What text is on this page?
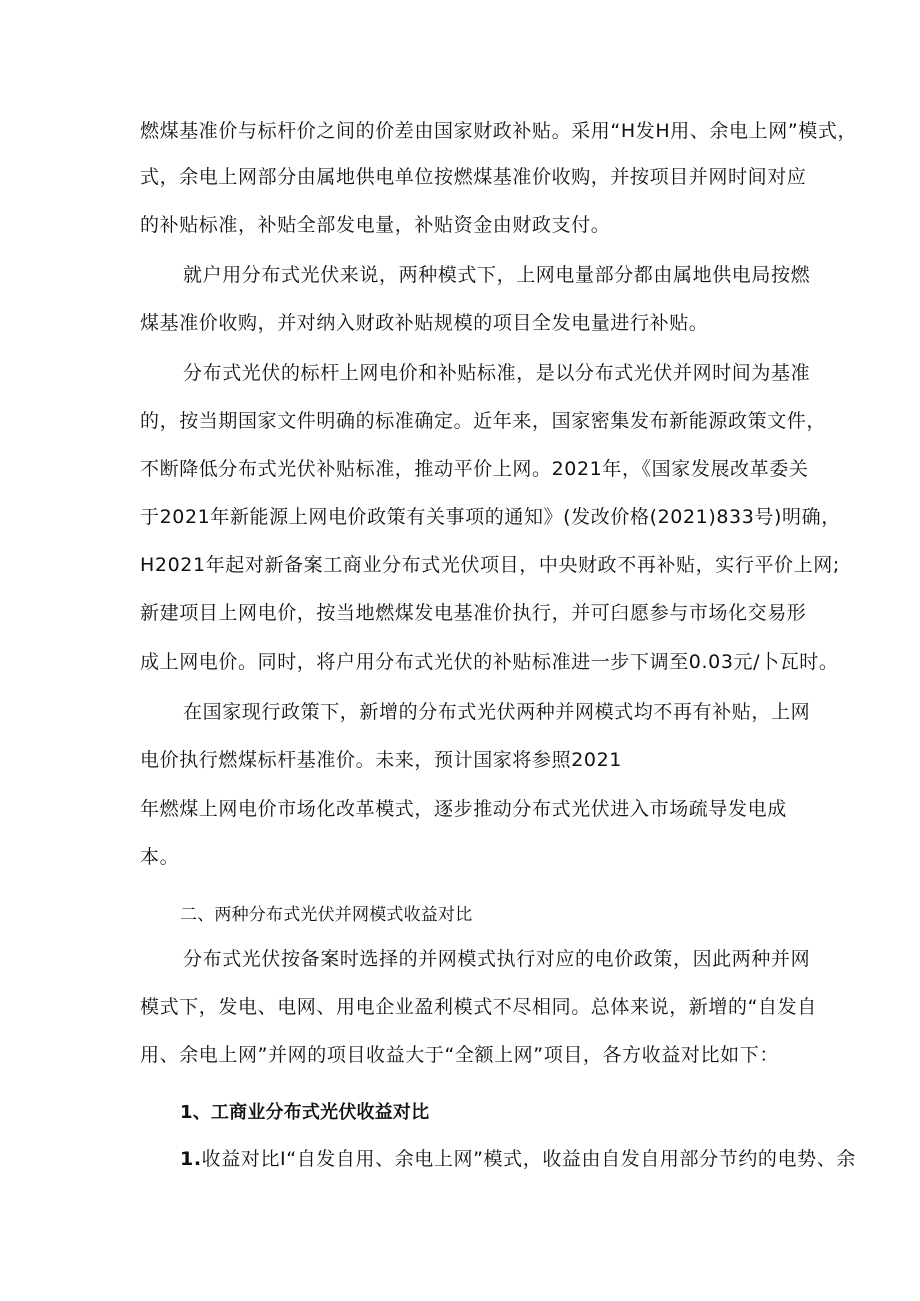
燃煤基准价与标杆价之间的价差由国家财政补贴。采用“H发H用、余电上网”模式，
式，余电上网部分由属地供电单位按燃煤基准价收购，并按项目并网时间对应
的补贴标准，补贴全部发电量，补贴资金由财政支付。
就户用分布式光伏来说，两种模式下，上网电量部分都由属地供电局按燃
煤基准价收购，并对纳入财政补贴规模的项目全发电量进行补贴。
分布式光伏的标杆上网电价和补贴标准，是以分布式光伏并网时间为基准
的，按当期国家文件明确的标准确定。近年来，国家密集发布新能源政策文件，
不断降低分布式光伏补贴标准，推动平价上网。2021年，《国家发展改革委关
于2021年新能源上网电价政策有关事项的通知》(发改价格(2021)833号)明确，
H2021年起对新备案工商业分布式光伏项目，中央财政不再补贴，实行平价上网;
新建项目上网电价，按当地燃煤发电基准价执行，并可臼愿参与市场化交易形
成上网电价。同时，将户用分布式光伏的补贴标准进一步下调至0.03元/卜瓦时。
在国家现行政策下，新增的分布式光伏两种并网模式均不再有补贴，上网
电价执行燃煤标杆基准价。未来，预计国家将参照2021
年燃煤上网电价市场化改革模式，逐步推动分布式光伏进入市场疏导发电成
本。
二、两种分布式光伏并网模式收益对比
分布式光伏按备案时选择的并网模式执行对应的电价政策，因此两种并网
模式下，发电、电网、用电企业盈利模式不尽相同。总体来说，新增的“自发自
用、余电上网”并网的项目收益大于“全额上网”项目，各方收益对比如下：
1、工商业分布式光伏收益对比
1.收益对比I“自发自用、余电上网”模式，收益由自发自用部分节约的电势、余
